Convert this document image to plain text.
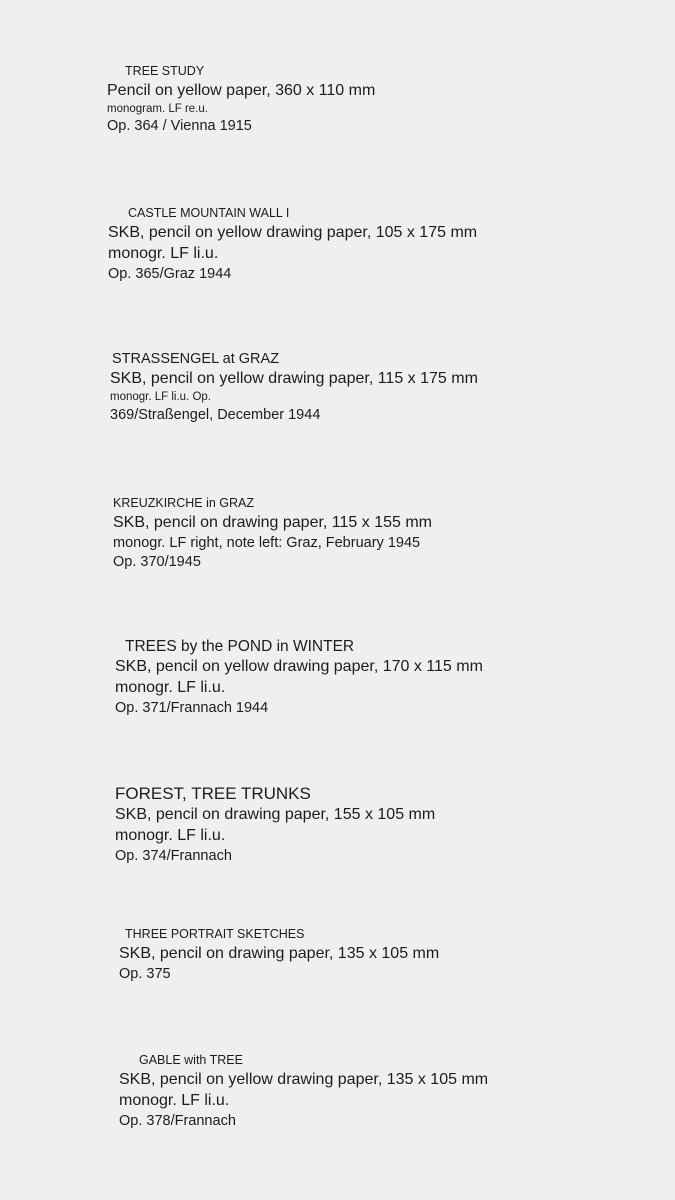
TREE STUDY
Pencil on yellow paper, 360 x 110 mm
monogram. LF re.u.
Op. 364 / Vienna 1915
CASTLE MOUNTAIN WALL I
SKB, pencil on yellow drawing paper, 105 x 175 mm
monogr. LF li.u.
Op. 365/Graz 1944
STRASSENGEL at GRAZ
SKB, pencil on yellow drawing paper, 115 x 175 mm
monogr. LF li.u. Op.
369/Straßengel, December 1944
KREUZKIRCHE in GRAZ
SKB, pencil on drawing paper, 115 x 155 mm
monogr. LF right, note left: Graz, February 1945
Op. 370/1945
TREES by the POND in WINTER
SKB, pencil on yellow drawing paper, 170 x 115 mm
monogr. LF li.u.
Op. 371/Frannach 1944
FOREST, TREE TRUNKS
SKB, pencil on drawing paper, 155 x 105 mm
monogr. LF li.u.
Op. 374/Frannach
THREE PORTRAIT SKETCHES
SKB, pencil on drawing paper, 135 x 105 mm
Op. 375
GABLE with TREE
SKB, pencil on yellow drawing paper, 135 x 105 mm
monogr. LF li.u.
Op. 378/Frannach
